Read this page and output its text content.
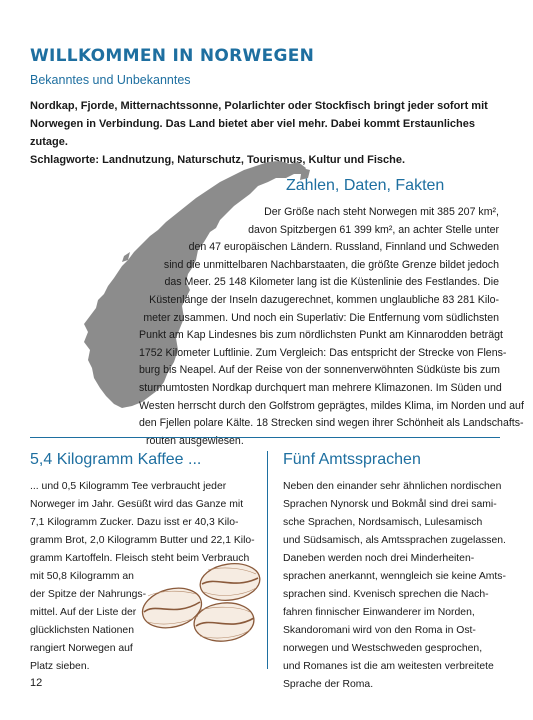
WILLKOMMEN IN NORWEGEN

Bekanntes und Unbekanntes

Nordkap, Fjorde, Mitternachtssonne, Polarlichter oder Stockfisch bringt jeder sofort mit
Norwegen in Verbindung. Das Land bietet aber viel mehr. Dabei kommt Erstaunliches zutage.
Schlagworte: Landnutzung, Naturschutz, Tourismus, Kultur und Fische.

Zahlen, Daten, Fakten

Der Größe nach steht Norwegen mit 385 207 km²,
davon Spitzbergen 61 399 km², an achter Stelle unter
den 47 europäischen Ländern. Russland, Finnland und Schweden
sind die unmittelbaren Nachbarstaaten, die größte Grenze bildet jedoch
das Meer. 25 148 Kilometer lang ist die Küstenlinie des Festlandes. Die
Küstenlänge der Inseln dazugerechnet, kommen unglaubliche 83 281 Kilo-
meter zusammen. Und noch ein Superlativ: Die Entfernung vom südlichsten
Punkt am Kap Lindesnes bis zum nördlichsten Punkt am Kinnarodden beträgt
1752 Kilometer Luftlinie. Zum Vergleich: Das entspricht der Strecke von Flens-
burg bis Neapel. Auf der Reise von der sonnenverwöhnten Südküste bis zum
sturmumtosten Nordkap durchquert man mehrere Klimazonen. Im Süden und
Westen herrscht durch den Golfstrom geprägtes, mildes Klima, im Norden und auf
den Fjellen polare Kälte. 18 Strecken sind wegen ihrer Schönheit als Landschafts-
routen ausgewiesen.

5,4 Kilogramm Kaffee ...

... und 0,5 Kilogramm Tee verbraucht jeder
Norweger im Jahr. Gesüßt wird das Ganze mit
7,1 Kilogramm Zucker. Dazu isst er 40,3 Kilo-
gramm Brot, 2,0 Kilogramm Butter und 22,1 Kilo-
gramm Kartoffeln. Fleisch steht beim Verbrauch
mit 50,8 Kilogramm an
der Spitze der Nahrungs-
mittel. Auf der Liste der
glücklichsten Nationen
rangiert Norwegen auf
Platz sieben.

Fünf Amtssprachen

Neben den einander sehr ähnlichen nordischen
Sprachen Nynorsk und Bokmål sind drei sami-
sche Sprachen, Nordsamisch, Lulesamisch
und Südsamisch, als Amtssprachen zugelassen.
Daneben werden noch drei Minderheiten-
sprachen anerkannt, wenngleich sie keine Amts-
sprachen sind. Kvenisch sprechen die Nach-
fahren finnischer Einwanderer im Norden,
Skandoromani wird von den Roma in Ost-
norwegen und Westschweden gesprochen,
und Romanes ist die am weitesten verbreitete
Sprache der Roma.

12
